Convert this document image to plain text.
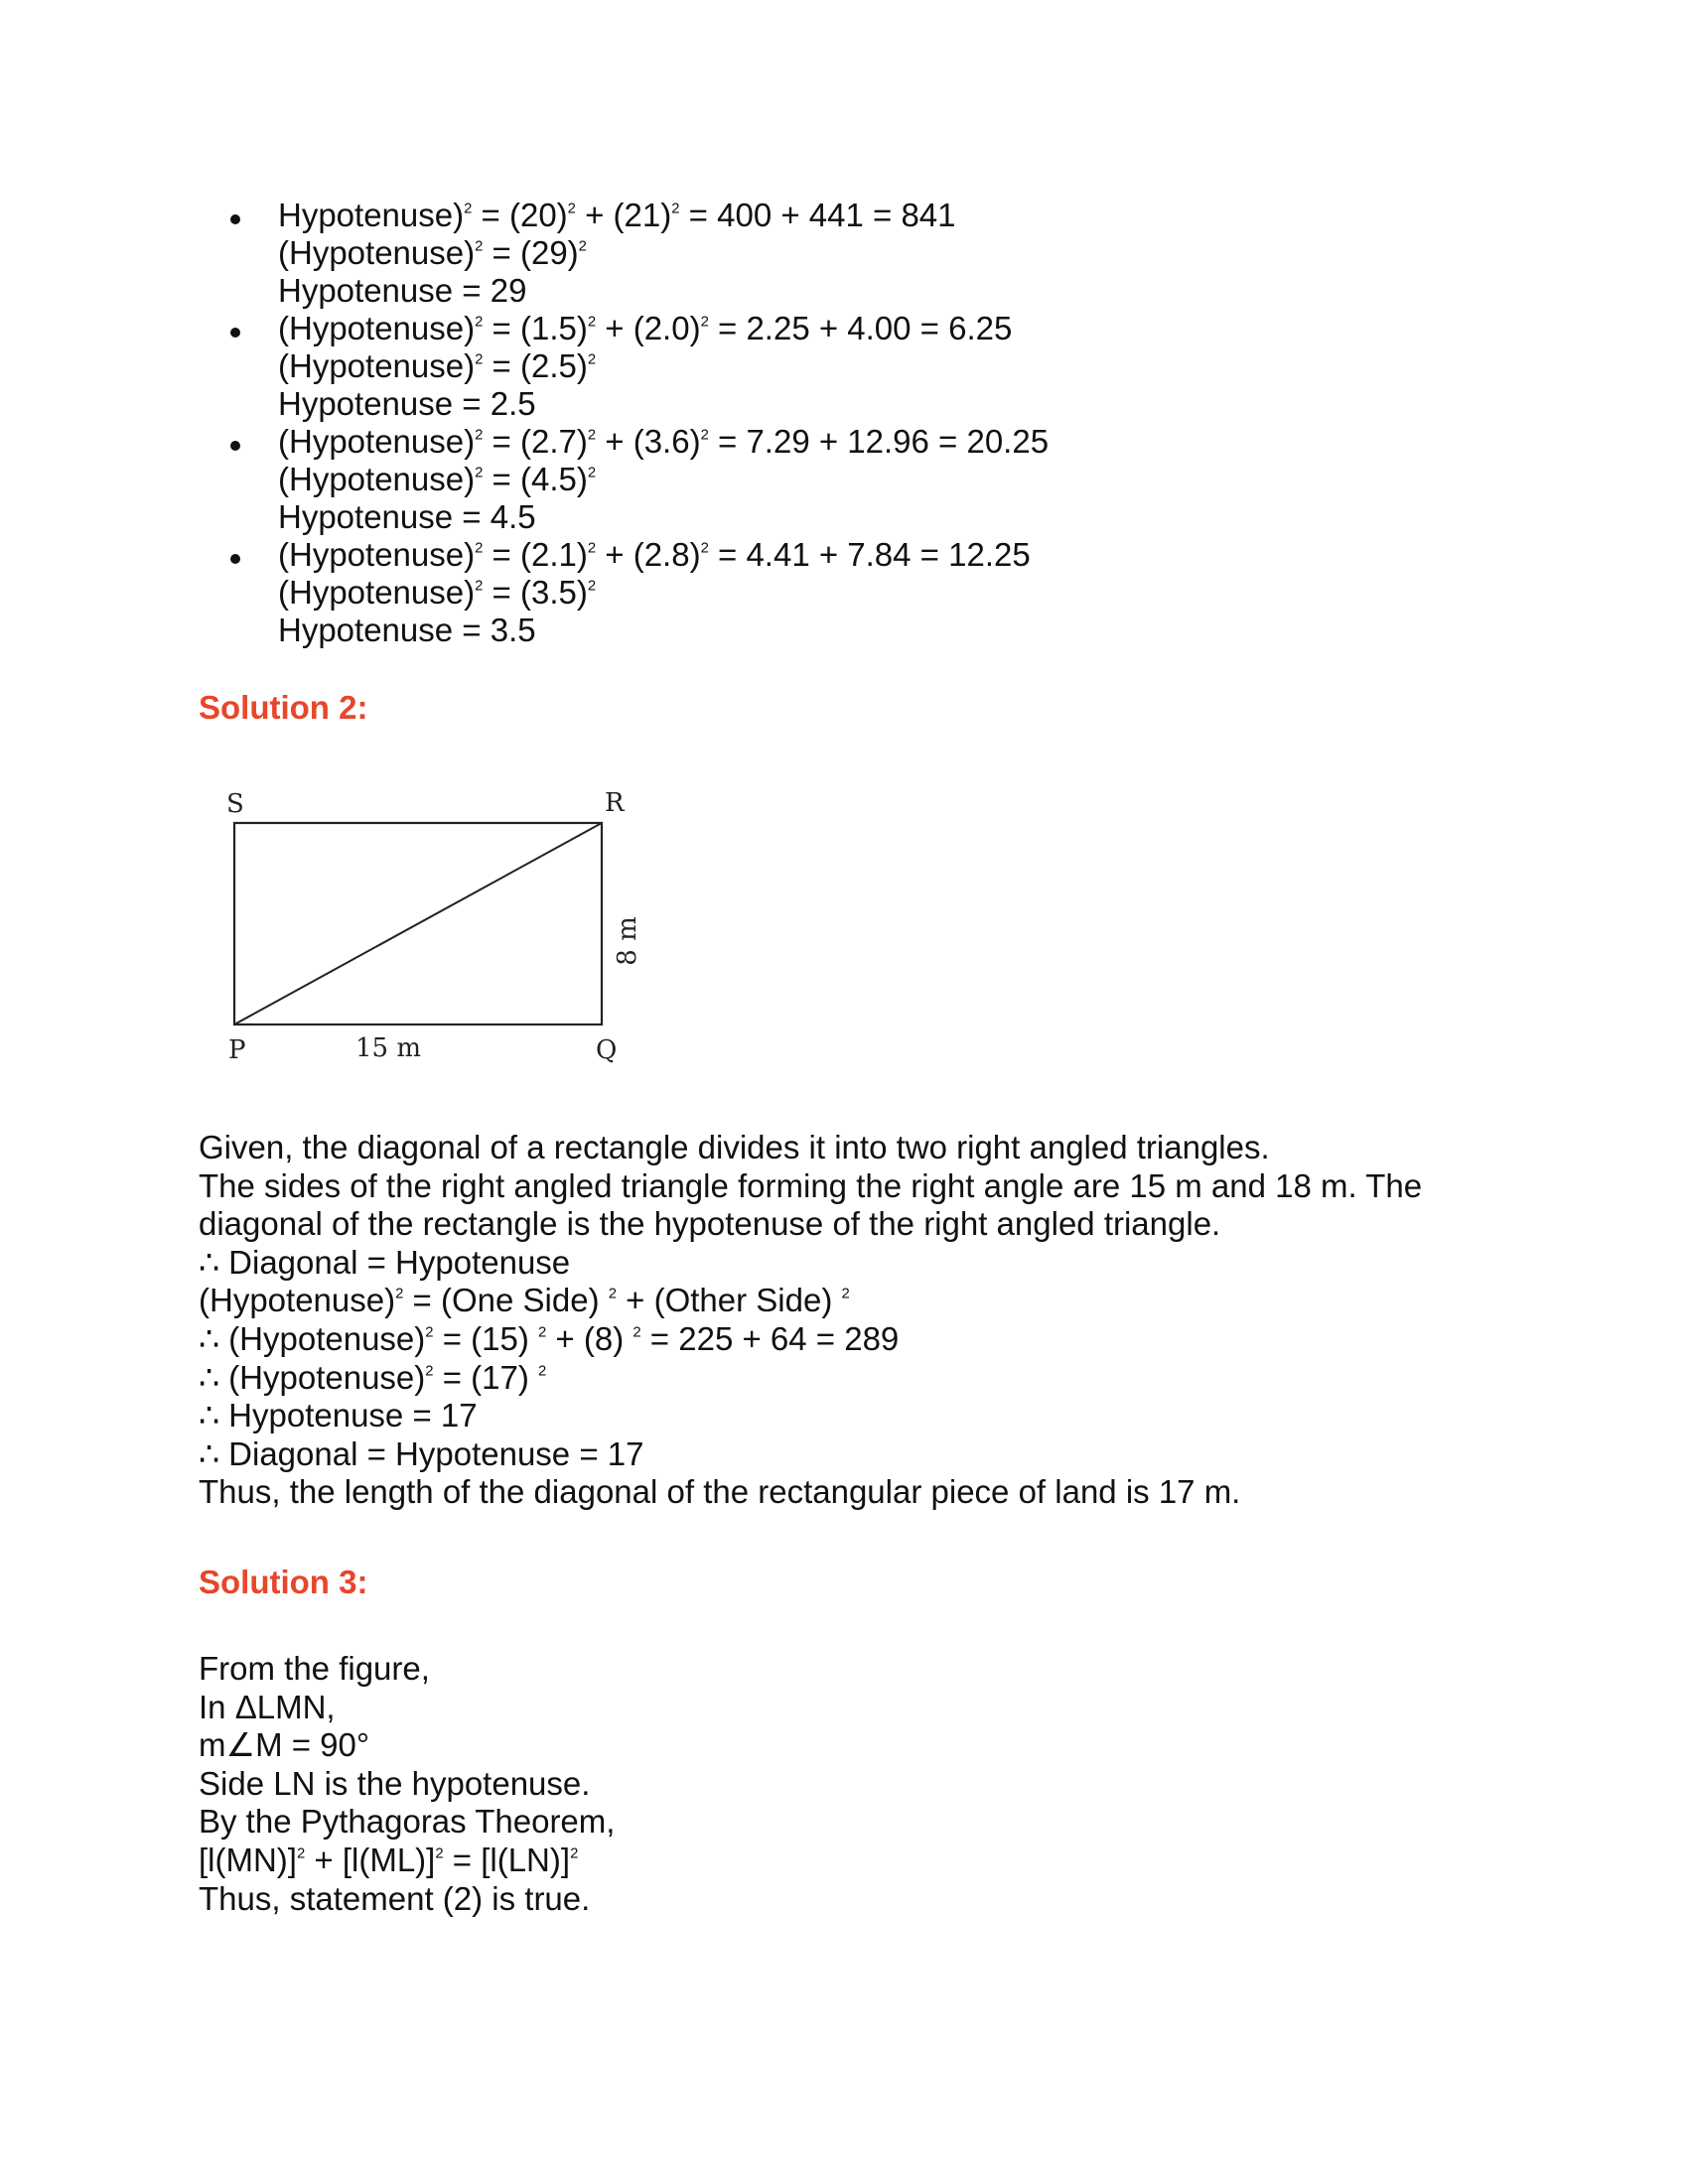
Hypotenuse)$^2$ = $(20)^2 + (21)^2 = 400 + 441 = 841$
(Hypotenuse)$^2$ = $(29)^2$
Hypotenuse = 29
(Hypotenuse)$^2$ = $(1.5)^2 + (2.0)^2 = 2.25 + 4.00 = 6.25$
(Hypotenuse)$^2$ = $(2.5)^2$
Hypotenuse = 2.5
(Hypotenuse)$^2$ = $(2.7)^2 + (3.6)^2 = 7.29 + 12.96 = 20.25$
(Hypotenuse)$^2$ = $(4.5)^2$
Hypotenuse = 4.5
(Hypotenuse)$^2$ = $(2.1)^2 + (2.8)^2 = 4.41 + 7.84 = 12.25$
(Hypotenuse)$^2$ = $(3.5)^2$
Hypotenuse = 3.5
Solution 2:
S	R
P	Q
15 m
8 m
Given, the diagonal of a rectangle divides it into two right angled triangles.
The sides of the right angled triangle forming the right angle are 15 m and 18 m. The
diagonal of the rectangle is the hypotenuse of the right angled triangle.
∴ Diagonal = Hypotenuse
(Hypotenuse)$^2$ = (One Side) $^2$ + (Other Side) $^2$
∴ (Hypotenuse)$^2$ = (15) $^2$ + (8) $^2$ = 225 + 64 = 289
∴ (Hypotenuse)$^2$ = (17) $^2$
∴ Hypotenuse = 17
∴ Diagonal = Hypotenuse = 17
Thus, the length of the diagonal of the rectangular piece of land is 17 m.
Solution 3:
From the figure,
In ΔLMN,
m∠M = 90°
Side LN is the hypotenuse.
By the Pythagoras Theorem,
$[l(MN)]^2 + [l(ML)]^2 = [l(LN)]^2$
Thus, statement (2) is true.
